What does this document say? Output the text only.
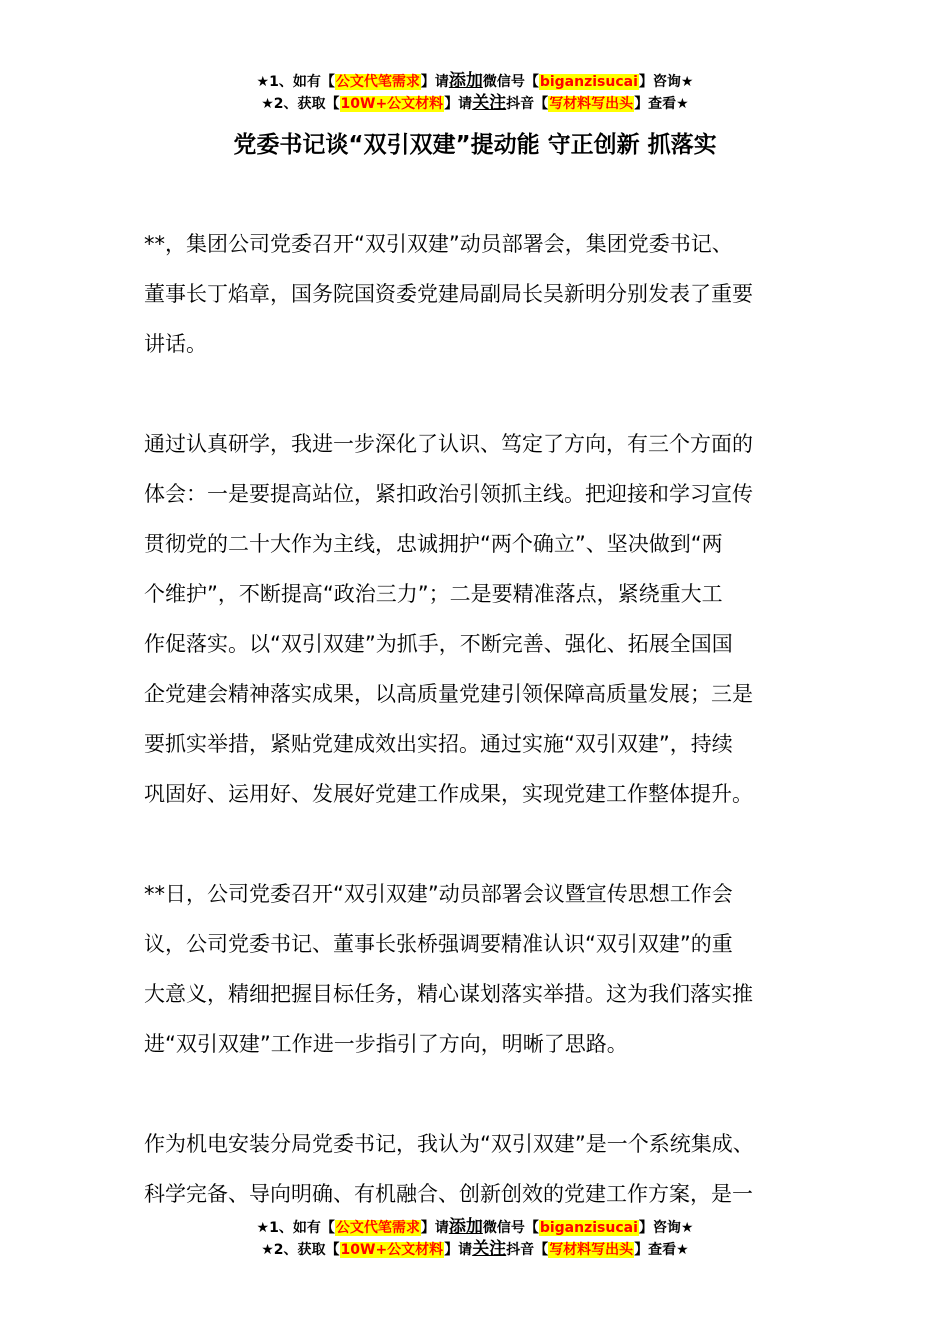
★1、如有【公文代笔需求】请添加微信号【biganzisucai】咨询★
★2、获取【10W+公文材料】请关注抖音【写材料写出头】查看★
党委书记谈“双引双建”提动能 守正创新 抓落实
**，集团公司党委召开“双引双建”动员部署会，集团党委书记、
董事长丁焰章，国务院国资委党建局副局长吴新明分别发表了重要
讲话。
通过认真研学，我进一步深化了认识、笃定了方向，有三个方面的
体会：一是要提高站位，紧扣政治引领抓主线。把迎接和学习宣传
贯彻党的二十大作为主线，忠诚拥护“两个确立”、坚决做到“两
个维护”，不断提高“政治三力”；二是要精准落点，紧绕重大工
作促落实。以“双引双建”为抓手，不断完善、强化、拓展全国国
企党建会精神落实成果，以高质量党建引领保障高质量发展；三是
要抓实举措，紧贴党建成效出实招。通过实施“双引双建”，持续
巩固好、运用好、发展好党建工作成果，实现党建工作整体提升。
**日，公司党委召开“双引双建”动员部署会议暨宣传思想工作会
议，公司党委书记、董事长张桥强调要精准认识“双引双建”的重
大意义，精细把握目标任务，精心谋划落实举措。这为我们落实推
进“双引双建”工作进一步指引了方向，明晰了思路。
作为机电安装分局党委书记，我认为“双引双建”是一个系统集成、
科学完备、导向明确、有机融合、创新创效的党建工作方案，是一
★1、如有【公文代笔需求】请添加微信号【biganzisucai】咨询★
★2、获取【10W+公文材料】请关注抖音【写材料写出头】查看★
